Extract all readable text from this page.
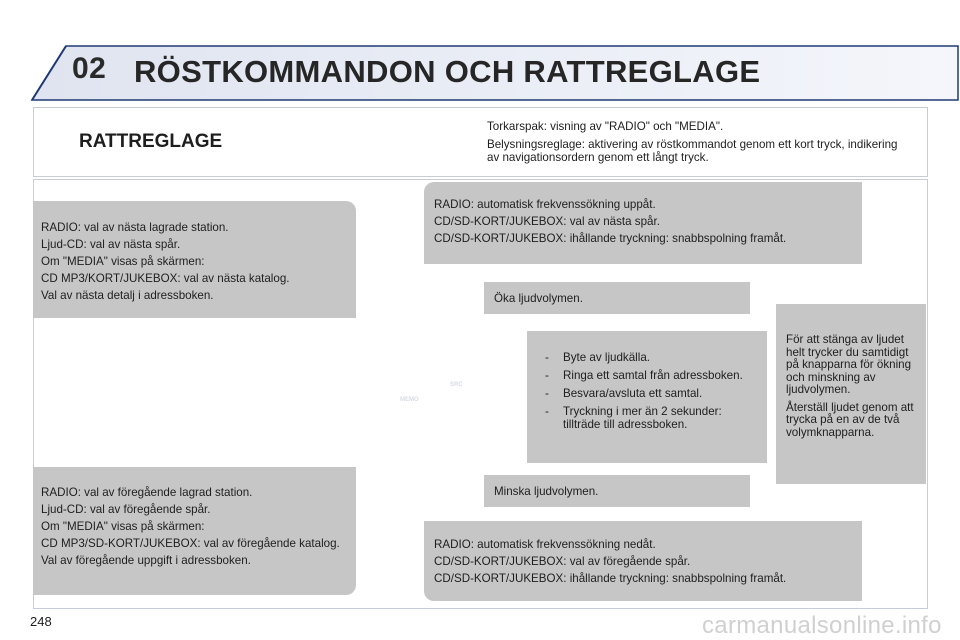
02 RÖSTKOMMANDON OCH RATTREGLAGE
RATTREGLAGE

Torkarspak: visning av "RADIO" och "MEDIA".

Belysningsreglage: aktivering av röstkommandot genom ett kort tryck, indikering av navigationsordern genom ett långt tryck.

RADIO: val av nästa lagrade station.

Ljud-CD: val av nästa spår.

Om "MEDIA" visas på skärmen:

CD MP3/KORT/JUKEBOX: val av nästa katalog.

Val av nästa detalj i adressboken.

RADIO: val av föregående lagrad station.

Ljud-CD: val av föregående spår.

Om "MEDIA" visas på skärmen:

CD MP3/SD-KORT/JUKEBOX: val av föregående katalog.

Val av föregående uppgift i adressboken.

RADIO: automatisk frekvenssökning uppåt.

CD/SD-KORT/JUKEBOX: val av nästa spår.

CD/SD-KORT/JUKEBOX: ihållande tryckning: snabbspolning framåt.

RADIO: automatisk frekvenssökning nedåt.

CD/SD-KORT/JUKEBOX: val av föregående spår.

CD/SD-KORT/JUKEBOX: ihållande tryckning: snabbspolning framåt.

Öka ljudvolymen.
Minska ljudvolymen.
- Byte av ljudkälla.
- Ringa ett samtal från adressboken.
- Besvara/avsluta ett samtal.
- Tryckning i mer än 2 sekunder: tillträde till adressboken.

För att stänga av ljudet helt trycker du samtidigt på knapparna för ökning och minskning av ljudvolymen.

Återställ ljudet genom att trycka på en av de två volymknapparna.

MEMO
SRC
248	carmanualsonline.info
